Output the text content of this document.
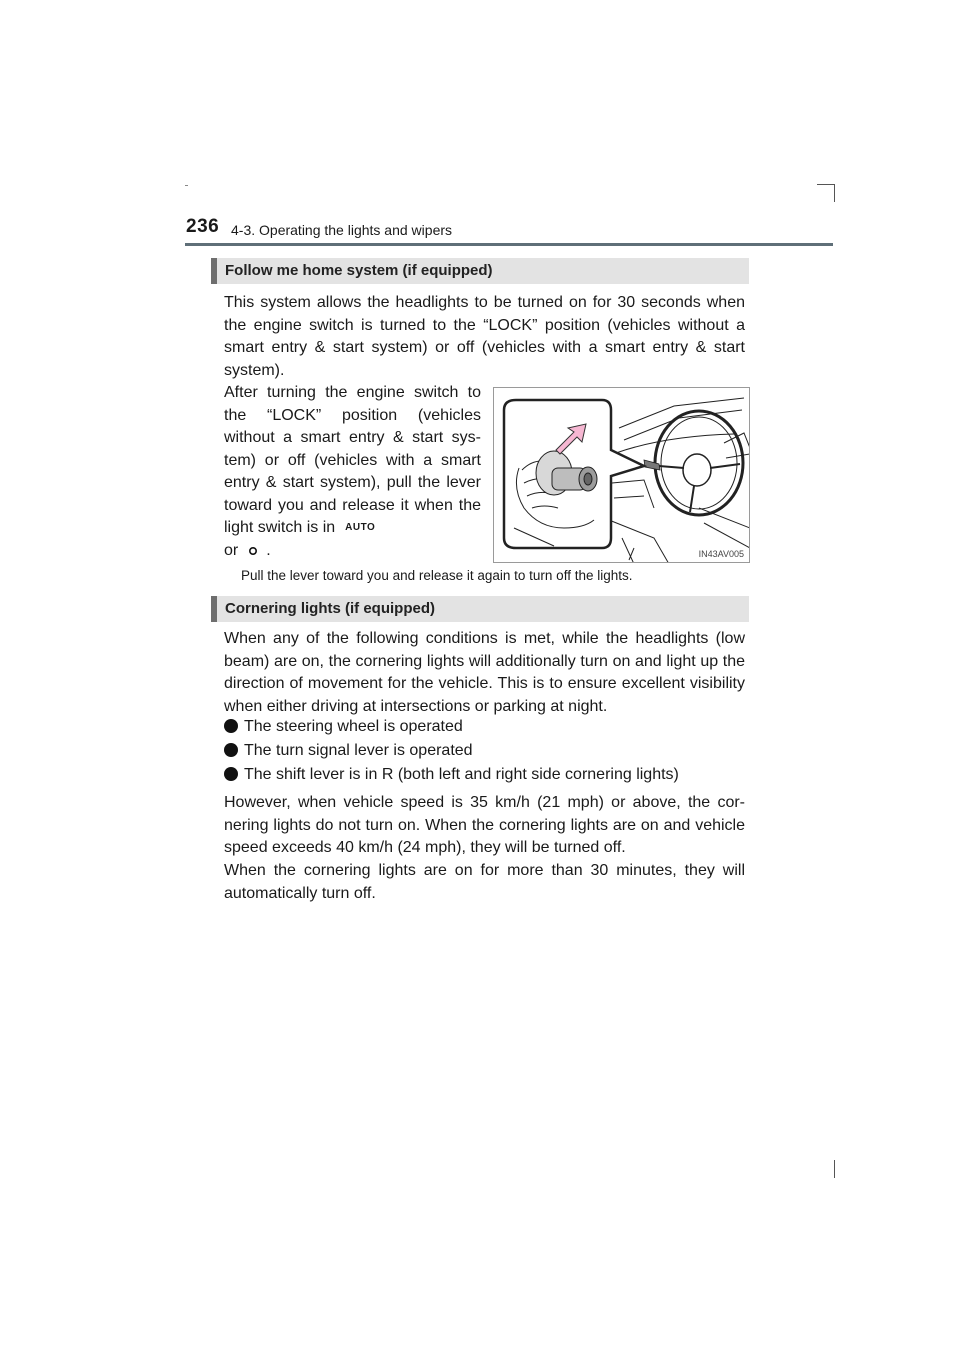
236 4-3. Operating the lights and wipers
Follow me home system (if equipped)

This system allows the headlights to be turned on for 30 seconds when the engine switch is turned to the “LOCK” position (vehicles without a smart entry & start system) or off (vehicles with a smart entry & start system).

After turning the engine switch to the “LOCK” position (vehicles without a smart entry & start sys-tem) or off (vehicles with a smart entry & start system), pull the lever toward you and release it when the light switch is in AUTO
or .	IN43AV005

Pull the lever toward you and release it again to turn off the lights.

Cornering lights (if equipped)

When any of the following conditions is met, while the headlights (low beam) are on, the cornering lights will additionally turn on and light up the direction of movement for the vehicle. This is to ensure excellent visibility when either driving at intersections or parking at night.

The steering wheel is operated
The turn signal lever is operated
The shift lever is in R (both left and right side cornering lights)

However, when vehicle speed is 35 km/h (21 mph) or above, the cor-nering lights do not turn on. When the cornering lights are on and vehicle speed exceeds 40 km/h (24 mph), they will be turned off.

When the cornering lights are on for more than 30 minutes, they will automatically turn off.
